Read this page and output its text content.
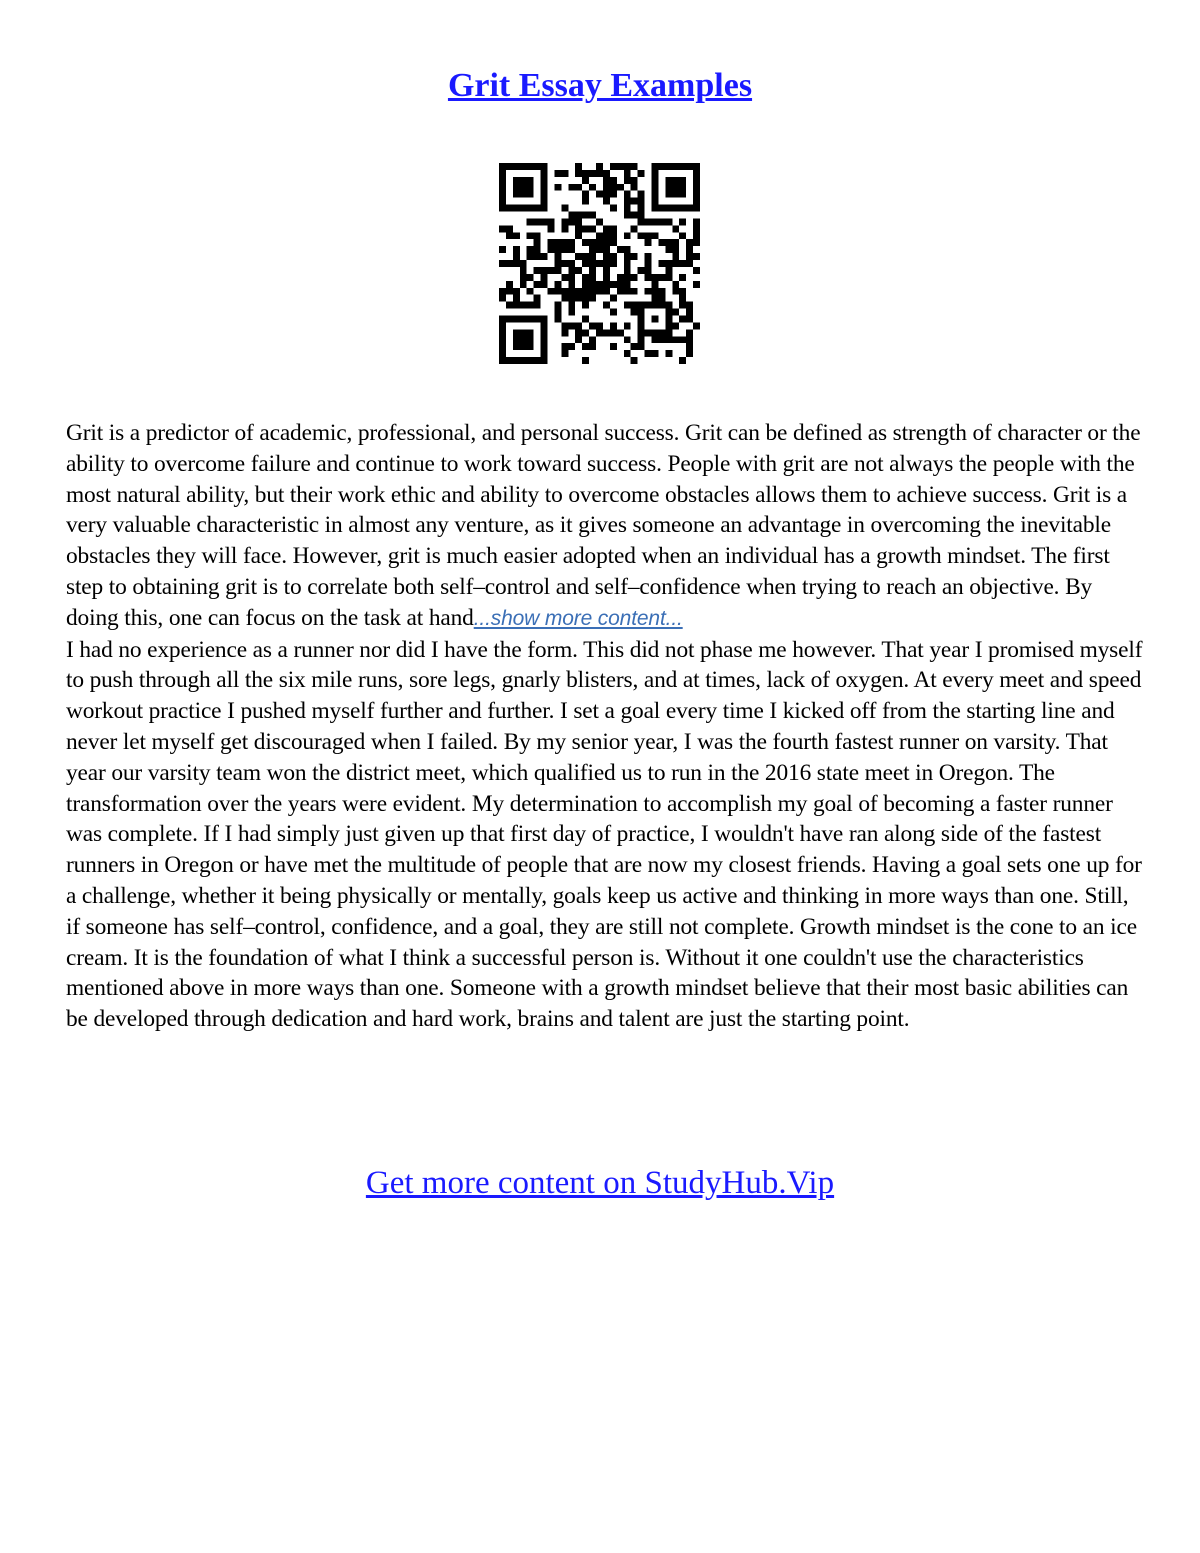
Grit Essay Examples

Grit is a predictor of academic, professional, and personal success. Grit can be defined as strength of character or the ability to overcome failure and continue to work toward success. People with grit are not always the people with the most natural ability, but their work ethic and ability to overcome obstacles allows them to achieve success. Grit is a very valuable characteristic in almost any venture, as it gives someone an advantage in overcoming the inevitable obstacles they will face. However, grit is much easier adopted when an individual has a growth mindset. The first step to obtaining grit is to correlate both self–control and self–confidence when trying to reach an objective. By doing this, one can focus on the task at hand...show more content...

I had no experience as a runner nor did I have the form. This did not phase me however. That year I promised myself to push through all the six mile runs, sore legs, gnarly blisters, and at times, lack of oxygen. At every meet and speed workout practice I pushed myself further and further. I set a goal every time I kicked off from the starting line and never let myself get discouraged when I failed. By my senior year, I was the fourth fastest runner on varsity. That year our varsity team won the district meet, which qualified us to run in the 2016 state meet in Oregon. The transformation over the years were evident. My determination to accomplish my goal of becoming a faster runner was complete. If I had simply just given up that first day of practice, I wouldn't have ran along side of the fastest runners in Oregon or have met the multitude of people that are now my closest friends. Having a goal sets one up for a challenge, whether it being physically or mentally, goals keep us active and thinking in more ways than one. Still, if someone has self–control, confidence, and a goal, they are still not complete. Growth mindset is the cone to an ice cream. It is the foundation of what I think a successful person is. Without it one couldn't use the characteristics mentioned above in more ways than one. Someone with a growth mindset believe that their most basic abilities can be developed through dedication and hard work, brains and talent are just the starting point.

Get more content on StudyHub.Vip
